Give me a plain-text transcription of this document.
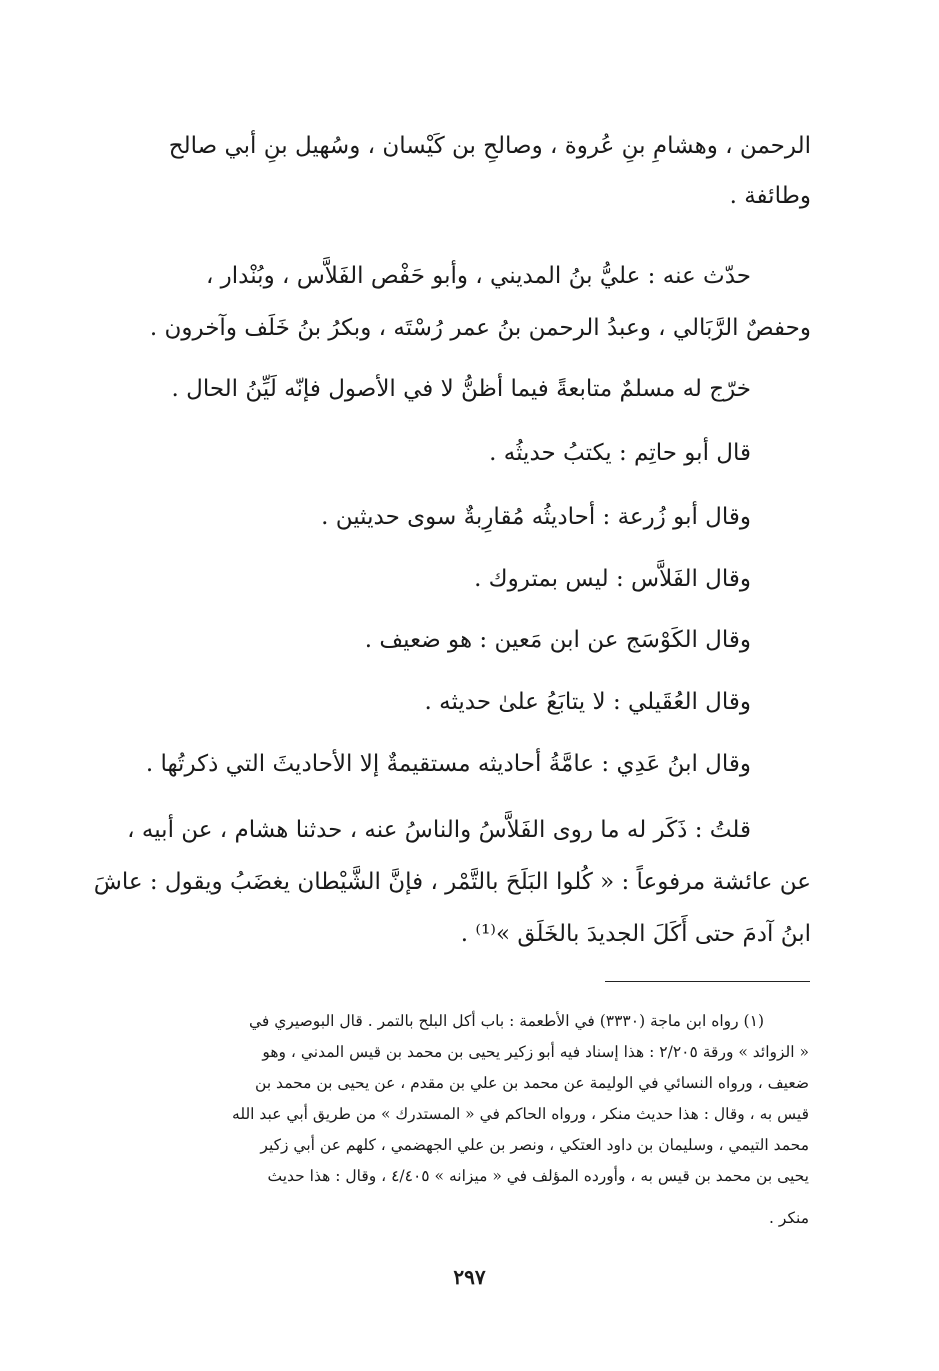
الرحمن ، وهشامِ بنِ عُروة ، وصالحِ بن كَيْسان ، وسُهيل بنِ أبي صالح
وطائفة .
حدّث عنه : عليُّ بنُ المديني ، وأبو حَفْص الفَلاَّس ، وبُنْدار ،
وحفصٌ الرَّبَالي ، وعبدُ الرحمن بنُ عمر رُسْتَه ، وبكرُ بنُ خَلَف وآخرون .
خرّج له مسلمٌ متابعةً فيما أظنُّ لا في الأصول فإنّه لَيِّنُ الحال .
قال أبو حاتِم : يكتبُ حديثُه .
وقال أبو زُرعة : أحاديثُه مُقارِبةٌ سوى حديثين .
وقال الفَلاَّس : ليس بمتروك .
وقال الكَوْسَج عن ابن مَعين : هو ضعيف .
وقال العُقَيلي : لا يتابَعُ علىٰ حديثه .
وقال ابنُ عَدِي : عامَّةُ أحاديثه مستقيمةٌ إلا الأحاديثَ التي ذكرتُها .
قلتُ : ذَكَر له ما روى الفَلاَّسُ والناسُ عنه ، حدثنا هشام ، عن أبيه ،
عن عائشة مرفوعاً : « كُلوا البَلَحَ بالتَّمْر ، فإنَّ الشَّيْطان يغضَبُ ويقول : عاشَ
ابنُ آدمَ حتى أَكَلَ الجديدَ بالخَلَق »⁽¹⁾ .
(١) رواه ابن ماجة (٣٣٣٠) في الأطعمة : باب أكل البلح بالتمر . قال البوصيري في
« الزوائد » ورقة ٢/٢٠٥ : هذا إسناد فيه أبو زكير يحيى بن محمد بن قيس المدني ، وهو
ضعيف ، ورواه النسائي في الوليمة عن محمد بن علي بن مقدم ، عن يحيى بن محمد بن
قيس به ، وقال : هذا حديث منكر ، ورواه الحاكم في « المستدرك » من طريق أبي عبد الله
محمد التيمي ، وسليمان بن داود العتكي ، ونصر بن علي الجهضمي ، كلهم عن أبي زكير
يحيى بن محمد بن قيس به ، وأورده المؤلف في « ميزانه » ٤/٤٠٥ ، وقال : هذا حديث
منكر .
٢٩٧
